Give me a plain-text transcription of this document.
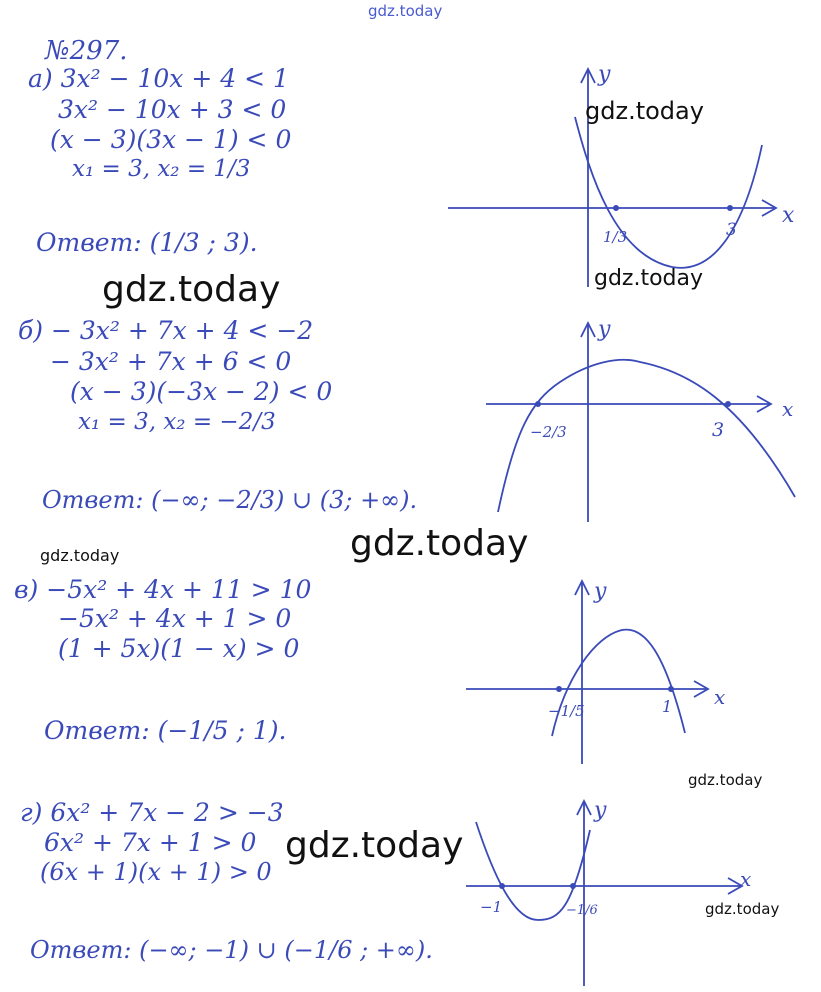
gdz.today
№297.
а) 3x² − 10x + 4 < 1
3x² − 10x + 3 < 0
(x − 3)(3x − 1) < 0
x₁ = 3, x₂ = 1/3
Ответ: (1/3 ; 3).
y
x
1/3	3
gdz.today
gdz.today
gdz.today
б) − 3x² + 7x + 4 < −2
− 3x² + 7x + 6 < 0
(x − 3)(−3x − 2) < 0
x₁ = 3, x₂ = −2/3
Ответ: (−∞; −2/3) ∪ (3; +∞).
y
x
−2/3	3
gdz.today	gdz.today
в) −5x² + 4x + 11 > 10
−5x² + 4x + 1 > 0
(1 + 5x)(1 − x) > 0
Ответ: (−1/5 ; 1).
y
x
−1/5	1
gdz.today
г) 6x² + 7x − 2 > −3
6x² + 7x + 1 > 0
(6x + 1)(x + 1) > 0
Ответ: (−∞; −1) ∪ (−1/6 ; +∞).
y
x
−1	−1/6
gdz.today
gdz.today
